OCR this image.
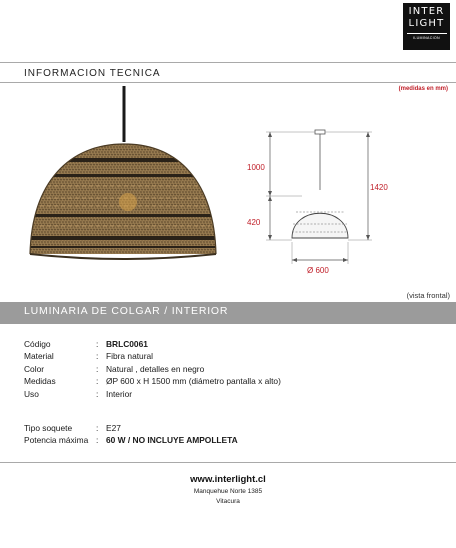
INTER
LIGHT
ILUMINACION
INFORMACION TECNICA
(medidas en mm)
1000
420
1420
Ø 600
(vista frontal)
LUMINARIA DE COLGAR / INTERIOR
Código	: BRLC0061
Material	: Fibra natural
Color	: Natural , detalles en negro
Medidas	: ØP 600 x H 1500 mm (diámetro pantalla x alto)
Uso	: Interior
Tipo soquete	: E27
Potencia máxima : 60 W / NO INCLUYE AMPOLLETA
www.interlight.cl
Manquehue Norte 1385
Vitacura
